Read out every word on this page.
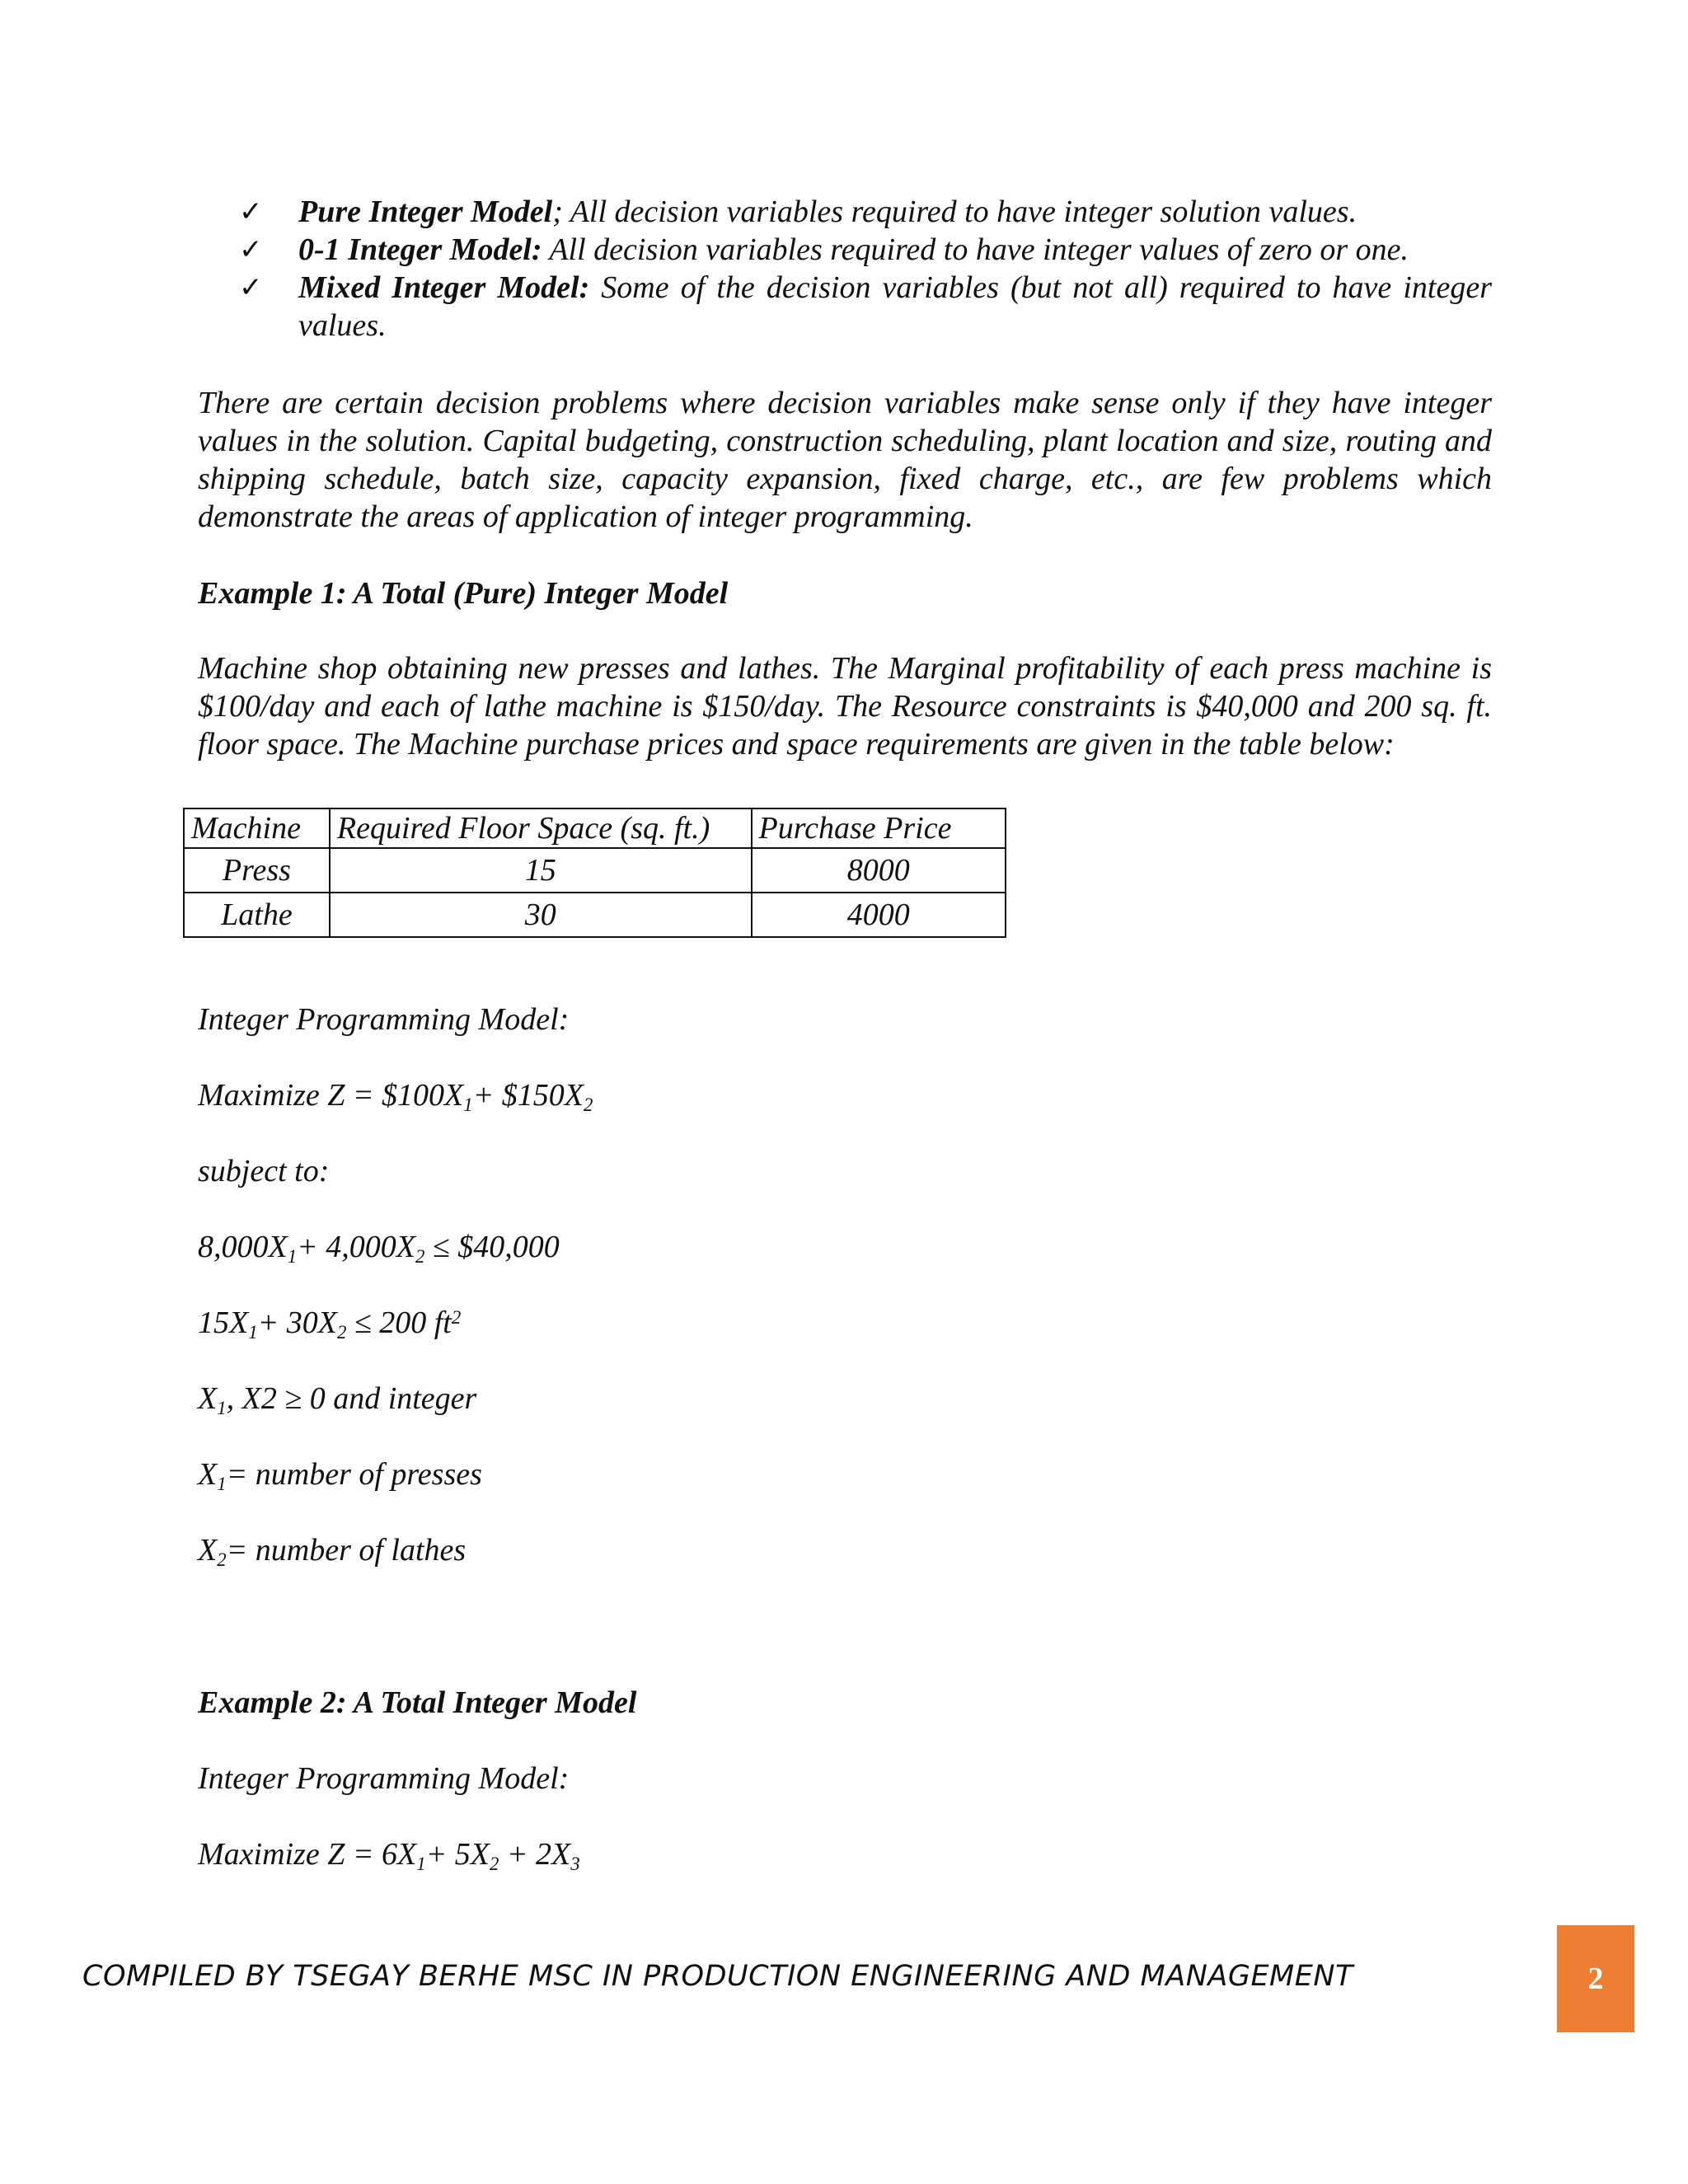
✓ Pure Integer Model; All decision variables required to have integer solution values.
✓ 0-1 Integer Model: All decision variables required to have integer values of zero or one.
✓ Mixed Integer Model: Some of the decision variables (but not all) required to have integer values.
There are certain decision problems where decision variables make sense only if they have integer values in the solution. Capital budgeting, construction scheduling, plant location and size, routing and shipping schedule, batch size, capacity expansion, fixed charge, etc., are few problems which demonstrate the areas of application of integer programming.
Example 1: A Total (Pure) Integer Model
Machine shop obtaining new presses and lathes. The Marginal profitability of each press machine is $100/day and each of lathe machine is $150/day. The Resource constraints is $40,000 and 200 sq. ft. floor space. The Machine purchase prices and space requirements are given in the table below:
Machine	Required Floor Space (sq. ft.)	Purchase Price
Press	15	8000
Lathe	30	4000
Integer Programming Model:
Maximize $Z = \$100X_1+$ $\$150X_2$
subject to:
$8,000X_1+ 4,000X_2$ ≤ $40,000
$15X_1+ 30X_2 \le 200$ $ft^2$
$X_1$, X2 ≥ 0 and integer
$X_1=$ number of presses
$X_2=$ number of lathes
Example 2: A Total Integer Model
Integer Programming Model:
Maximize $Z = 6X_1+ 5X_2 + 2X_3$
COMPILED BY TSEGAY BERHE MSC IN PRODUCTION ENGINEERING AND MANAGEMENT	2
